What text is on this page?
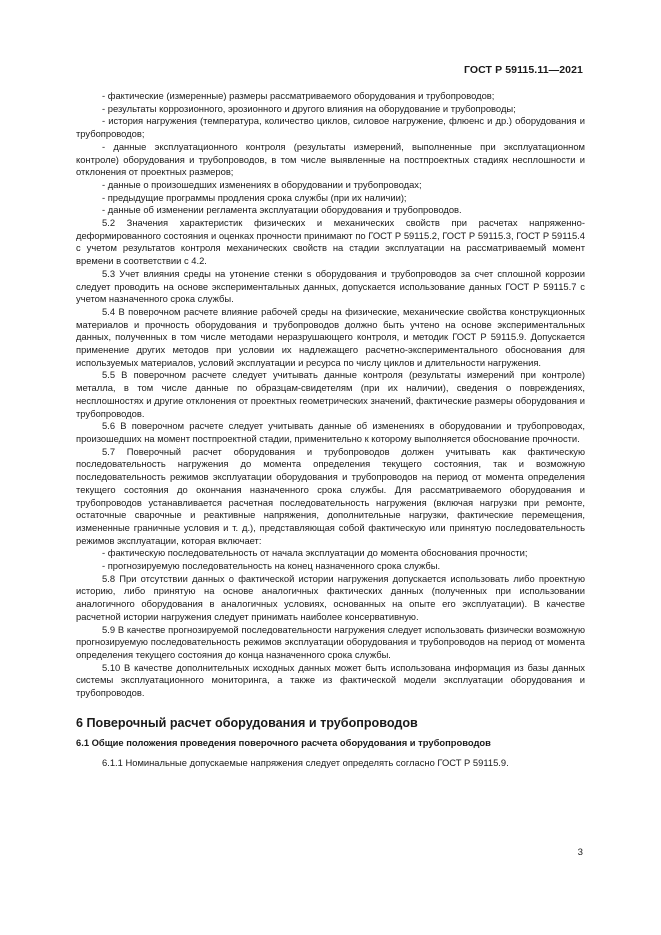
ГОСТ Р 59115.11—2021

- фактические (измеренные) размеры рассматриваемого оборудования и трубопроводов;

- результаты коррозионного, эрозионного и другого влияния на оборудование и трубопроводы;

- история нагружения (температура, количество циклов, силовое нагружение, флюенс и др.) оборудования и трубопроводов;

- данные эксплуатационного контроля (результаты измерений, выполненные при эксплуатационном контроле) оборудования и трубопроводов, в том числе выявленные на постпроектных стадиях несплошности и отклонения от проектных размеров;

- данные о произошедших изменениях в оборудовании и трубопроводах;

- предыдущие программы продления срока службы (при их наличии);

- данные об изменении регламента эксплуатации оборудования и трубопроводов.

5.2 Значения характеристик физических и механических свойств при расчетах напряженно-деформированного состояния и оценках прочности принимают по ГОСТ Р 59115.2, ГОСТ Р 59115.3, ГОСТ Р 59115.4 с учетом результатов контроля механических свойств на стадии эксплуатации на рассматриваемый момент времени в соответствии с 4.2.

5.3 Учет влияния среды на утонение стенки s оборудования и трубопроводов за счет сплошной коррозии следует проводить на основе экспериментальных данных, допускается использование данных ГОСТ Р 59115.7 с учетом назначенного срока службы.

5.4 В поверочном расчете влияние рабочей среды на физические, механические свойства конструкционных материалов и прочность оборудования и трубопроводов должно быть учтено на основе экспериментальных данных, полученных в том числе методами неразрушающего контроля, и методик ГОСТ Р 59115.9. Допускается применение других методов при условии их надлежащего расчетно-экспериментального обоснования для используемых материалов, условий эксплуатации и ресурса по числу циклов и длительности нагружения.

5.5 В поверочном расчете следует учитывать данные контроля (результаты измерений при контроле) металла, в том числе данные по образцам-свидетелям (при их наличии), сведения о повреждениях, несплошностях и другие отклонения от проектных геометрических значений, фактические размеры оборудования и трубопроводов.

5.6 В поверочном расчете следует учитывать данные об изменениях в оборудовании и трубопроводах, произошедших на момент постпроектной стадии, применительно к которому выполняется обоснование прочности.

5.7 Поверочный расчет оборудования и трубопроводов должен учитывать как фактическую последовательность нагружения до момента определения текущего состояния, так и возможную последовательность режимов эксплуатации оборудования и трубопроводов на период от момента определения текущего состояния до окончания назначенного срока службы. Для рассматриваемого оборудования и трубопроводов устанавливается расчетная последовательность нагружения (включая нагрузки при ремонте, остаточные сварочные и реактивные напряжения, дополнительные нагрузки, фактические перемещения, измененные граничные условия и т. д.), представляющая собой фактическую или принятую последовательность режимов эксплуатации, которая включает:

- фактическую последовательность от начала эксплуатации до момента обоснования прочности;

- прогнозируемую последовательность на конец назначенного срока службы.

5.8 При отсутствии данных о фактической истории нагружения допускается использовать либо проектную историю, либо принятую на основе аналогичных фактических данных (полученных при использовании аналогичного оборудования в аналогичных условиях, основанных на опыте его эксплуатации). В качестве расчетной истории нагружения следует принимать наиболее консервативную.

5.9 В качестве прогнозируемой последовательности нагружения следует использовать физически возможную прогнозируемую последовательность режимов эксплуатации оборудования и трубопроводов на период от момента определения текущего состояния до конца назначенного срока службы.

5.10 В качестве дополнительных исходных данных может быть использована информация из базы данных системы эксплуатационного мониторинга, а также из фактической модели эксплуатации оборудования и трубопроводов.

6 Поверочный расчет оборудования и трубопроводов
6.1 Общие положения проведения поверочного расчета оборудования и трубопроводов

6.1.1 Номинальные допускаемые напряжения следует определять согласно ГОСТ Р 59115.9.

3
